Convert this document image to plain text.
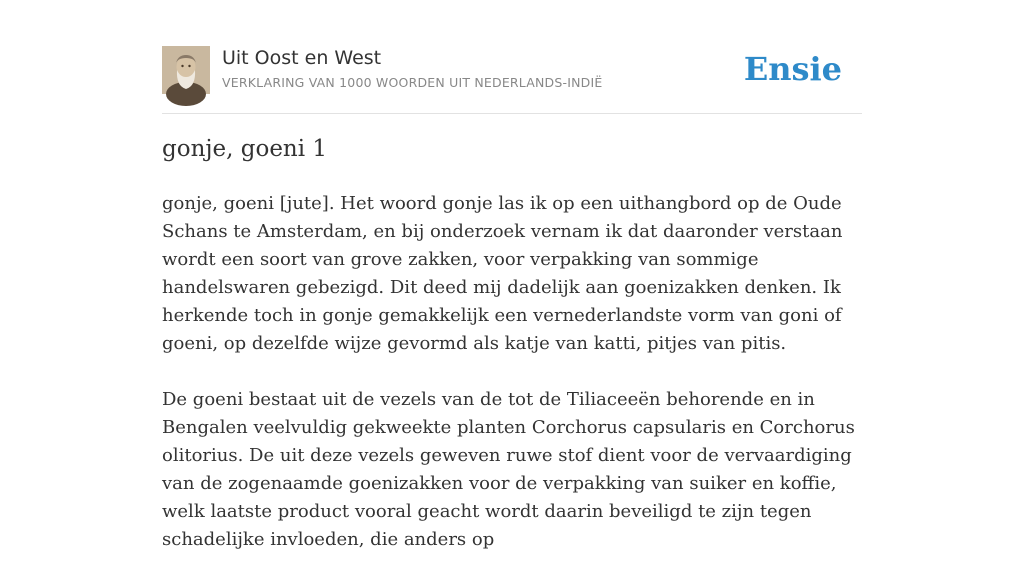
Uit Oost en West
VERKLARING VAN 1000 WOORDEN UIT NEDERLANDS-INDIË	Ensie
gonje, goeni 1

gonje, goeni [jute]. Het woord gonje las ik op een uithangbord op de Oude Schans te Amsterdam, en bij onderzoek vernam ik dat daaronder verstaan wordt een soort van grove zakken, voor verpakking van sommige handelswaren gebezigd. Dit deed mij dadelijk aan goenizakken denken. Ik herkende toch in gonje gemakkelijk een vernederlandste vorm van goni of goeni, op dezelfde wijze gevormd als katje van katti, pitjes van pitis.

De goeni bestaat uit de vezels van de tot de Tiliaceeën behorende en in Bengalen veelvuldig gekweekte planten Corchorus capsularis en Corchorus olitorius. De uit deze vezels geweven ruwe stof dient voor de vervaardiging van de zogenaamde goenizakken voor de verpakking van suiker en koffie, welk laatste product vooral geacht wordt daarin beveiligd te zijn tegen schadelijke invloeden, die anders op
